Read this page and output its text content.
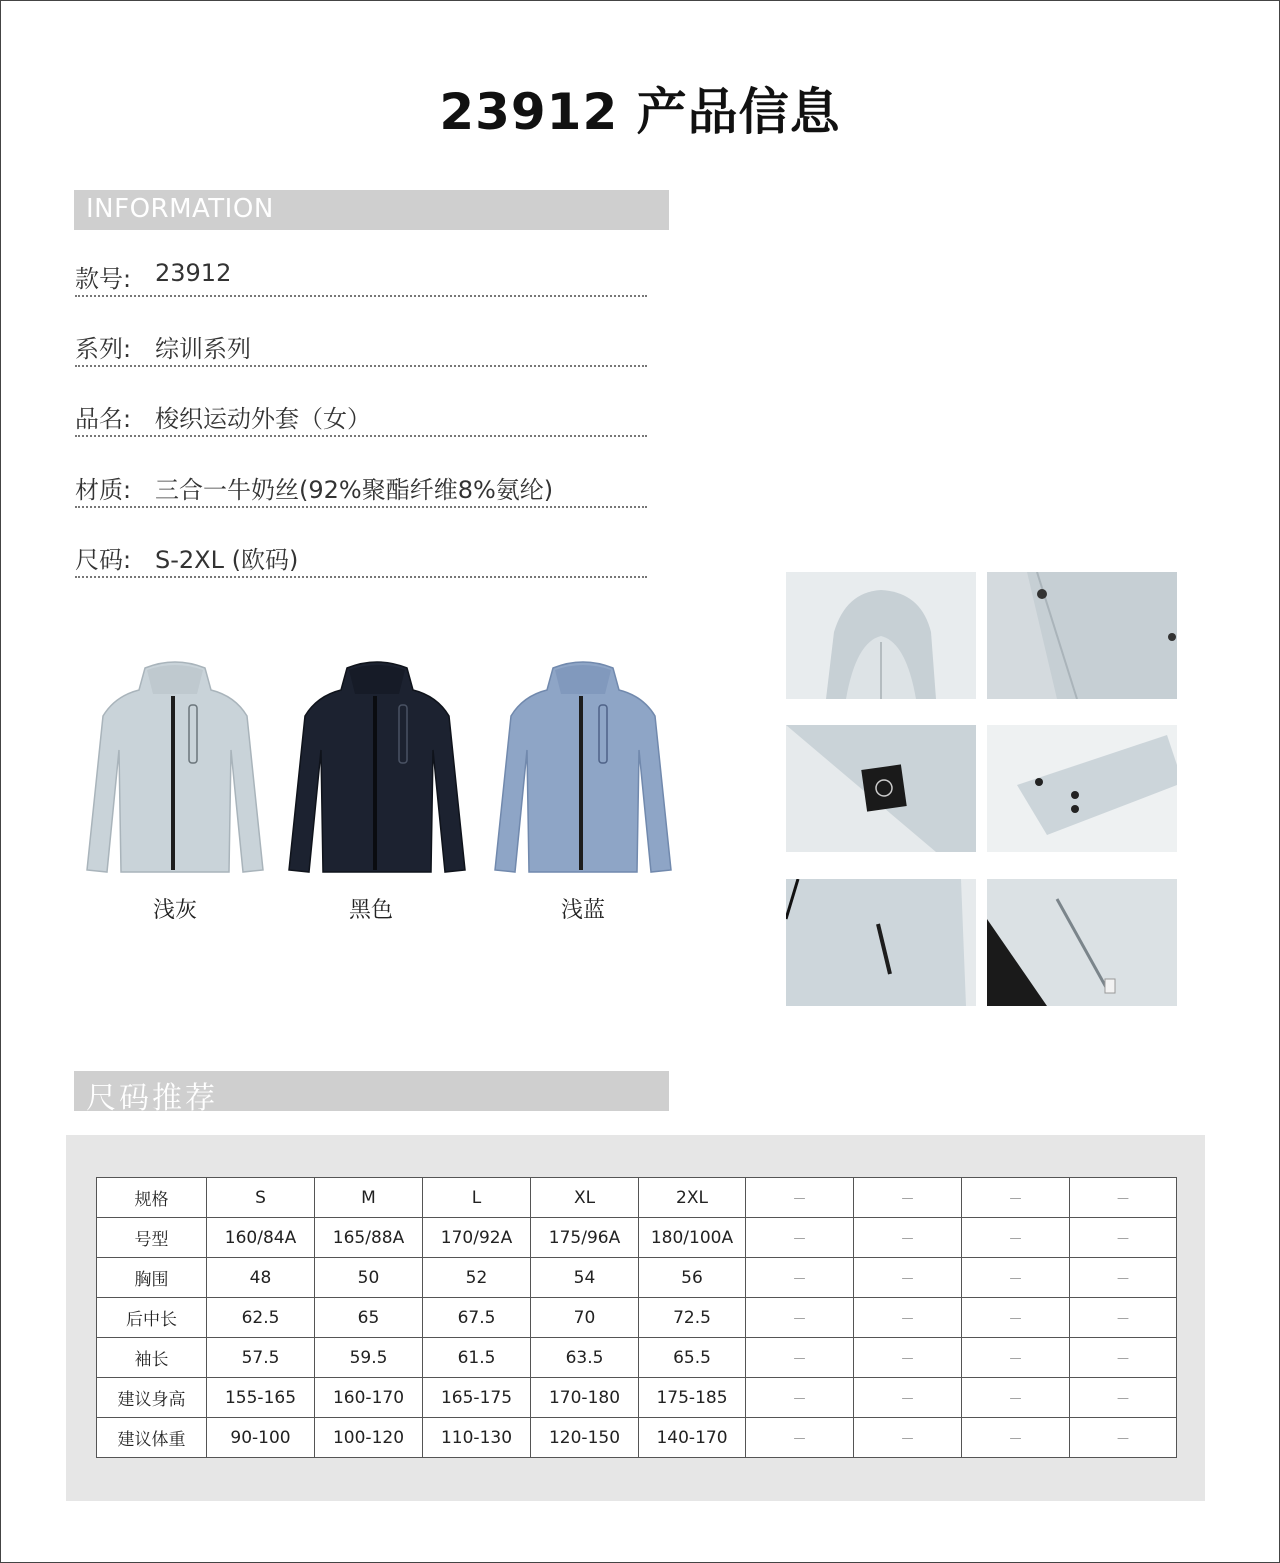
23912 产品信息
INFORMATION
款号: 23912
系列: 综训系列
品名: 梭织运动外套（女）
材质: 三合一牛奶丝(92%聚酯纤维8%氨纶)
尺码: S-2XL (欧码)
浅灰	黑色	浅蓝
尺码推荐
规格	S	M	L	XL	2XL	—	—	—	—
号型	160/84A	165/88A	170/92A	175/96A	180/100A	—	—	—	—
胸围	48	50	52	54	56	—	—	—	—
后中长	62.5	65	67.5	70	72.5	—	—	—	—
袖长	57.5	59.5	61.5	63.5	65.5	—	—	—	—
建议身高	155-165	160-170	165-175	170-180	175-185	—	—	—	—
建议体重	90-100	100-120	110-130	120-150	140-170	—	—	—	—
